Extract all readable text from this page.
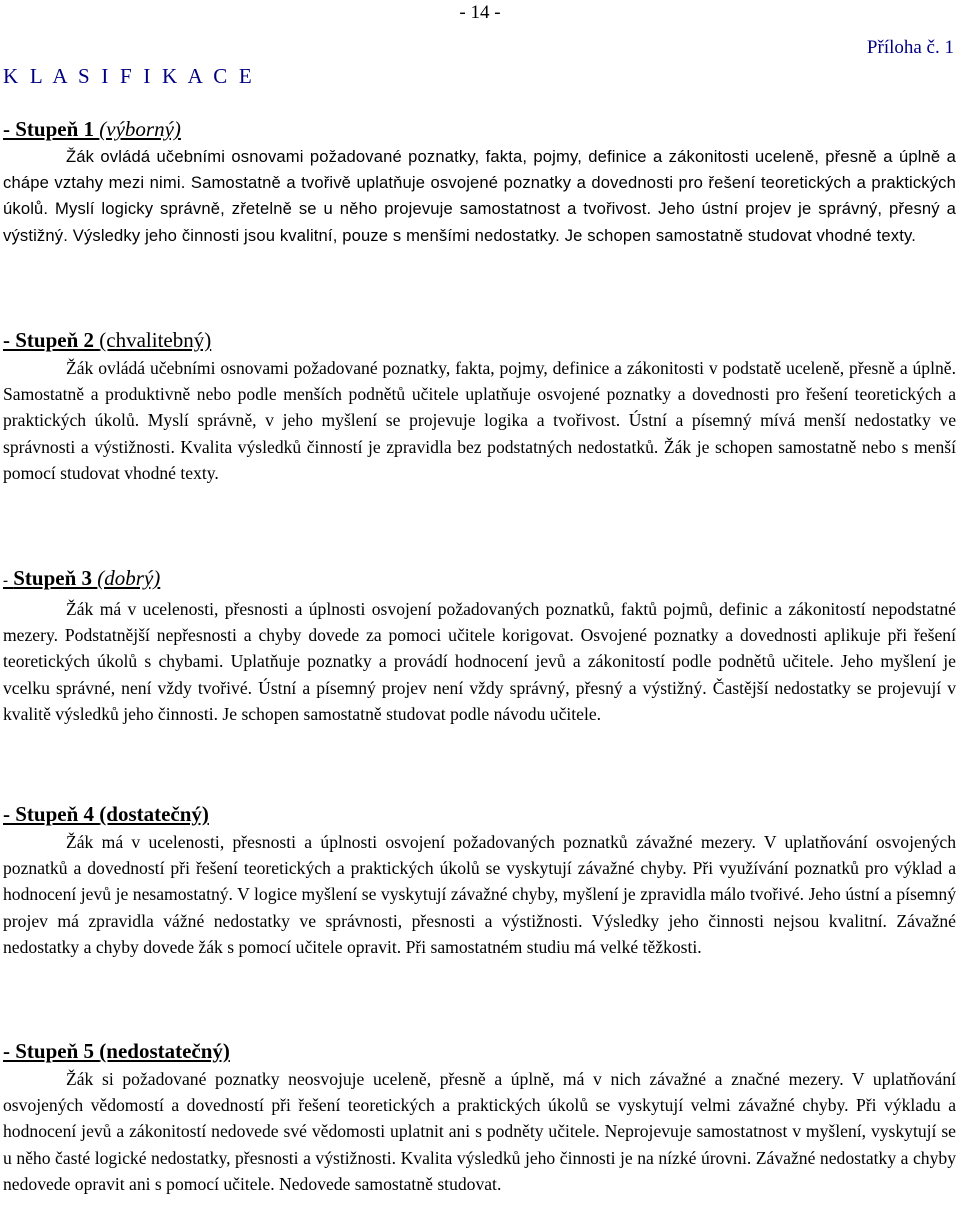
- 14 -
Příloha č. 1
K L A S I F I K A C E
- Stupeň 1 (výborný)

Žák ovládá učebními osnovami požadované poznatky, fakta, pojmy, definice a zákonitosti uceleně, přesně a úplně a chápe vztahy mezi nimi. Samostatně a tvořivě uplatňuje osvojené poznatky a dovednosti pro řešení teoretických a praktických úkolů. Myslí logicky správně, zřetelně se u něho projevuje samostatnost a tvořivost. Jeho ústní projev je správný, přesný a výstižný. Výsledky jeho činnosti jsou kvalitní, pouze s menšími nedostatky. Je schopen samostatně studovat vhodné texty.

- Stupeň 2 (chvalitebný)

Žák ovládá učebními osnovami požadované poznatky, fakta, pojmy, definice a zákonitosti v podstatě uceleně, přesně a úplně. Samostatně a produktivně nebo podle menších podnětů učitele uplatňuje osvojené poznatky a dovednosti pro řešení teoretických a praktických úkolů. Myslí správně, v jeho myšlení se projevuje logika a tvořivost. Ústní a písemný mívá menší nedostatky ve správnosti a výstižnosti. Kvalita výsledků činností je zpravidla bez podstatných nedostatků. Žák je schopen samostatně nebo s menší pomocí studovat vhodné texty.

- Stupeň 3 (dobrý)

Žák má v ucelenosti, přesnosti a úplnosti osvojení požadovaných poznatků, faktů pojmů, definic a zákonitostí nepodstatné mezery. Podstatnější nepřesnosti a chyby dovede za pomoci učitele korigovat. Osvojené poznatky a dovednosti aplikuje při řešení teoretických úkolů s chybami. Uplatňuje poznatky a provádí hodnocení jevů a zákonitostí podle podnětů učitele. Jeho myšlení je vcelku správné, není vždy tvořivé. Ústní a písemný projev není vždy správný, přesný a výstižný. Častější nedostatky se projevují v kvalitě výsledků jeho činnosti. Je schopen samostatně studovat podle návodu učitele.

- Stupeň 4 (dostatečný)

Žák má v ucelenosti, přesnosti a úplnosti osvojení požadovaných poznatků závažné mezery. V uplatňování osvojených poznatků a dovedností při řešení teoretických a praktických úkolů se vyskytují závažné chyby. Při využívání poznatků pro výklad a hodnocení jevů je nesamostatný. V logice myšlení se vyskytují závažné chyby, myšlení je zpravidla málo tvořivé. Jeho ústní a písemný projev má zpravidla vážné nedostatky ve správnosti, přesnosti a výstižnosti. Výsledky jeho činnosti nejsou kvalitní. Závažné nedostatky a chyby dovede žák s pomocí učitele opravit. Při samostatném studiu má velké těžkosti.

- Stupeň 5 (nedostatečný)

Žák si požadované poznatky neosvojuje uceleně, přesně a úplně, má v nich závažné a značné mezery. V uplatňování osvojených vědomostí a dovedností při řešení teoretických a praktických úkolů se vyskytují velmi závažné chyby. Při výkladu a hodnocení jevů a zákonitostí nedovede své vědomosti uplatnit ani s podněty učitele. Neprojevuje samostatnost v myšlení, vyskytují se u něho časté logické nedostatky, přesnosti a výstižnosti. Kvalita výsledků jeho činnosti je na nízké úrovni. Závažné nedostatky a chyby nedovede opravit ani s pomocí učitele. Nedovede samostatně studovat.
